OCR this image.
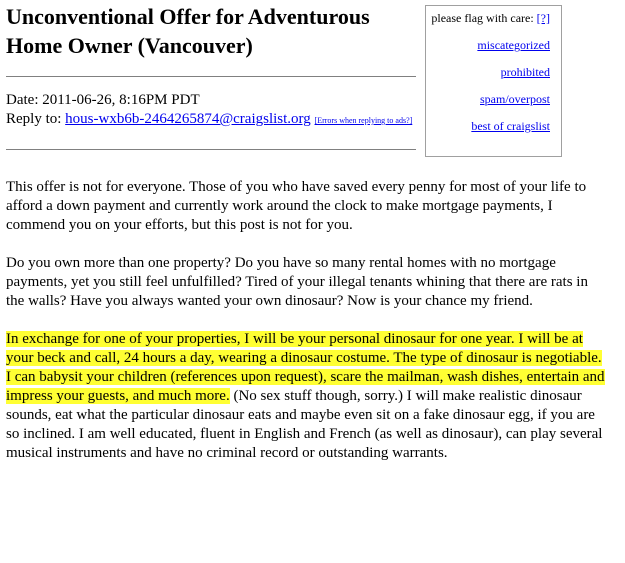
Unconventional Offer for Adventurous Home Owner (Vancouver)
Date: 2011-06-26, 8:16PM PDT
Reply to: hous-wxb6b-2464265874@craigslist.org [Errors when replying to ads?]
please flag with care: [?]
miscategorized
prohibited
spam/overpost
best of craigslist

This offer is not for everyone. Those of you who have saved every penny for most of your life to afford a down payment and currently work around the clock to make mortgage payments, I commend you on your efforts, but this post is not for you.

Do you own more than one property? Do you have so many rental homes with no mortgage payments, yet you still feel unfulfilled? Tired of your illegal tenants whining that there are rats in the walls? Have you always wanted your own dinosaur? Now is your chance my friend.

In exchange for one of your properties, I will be your personal dinosaur for one year. I will be at your beck and call, 24 hours a day, wearing a dinosaur costume. The type of dinosaur is negotiable. I can babysit your children (references upon request), scare the mailman, wash dishes, entertain and impress your guests, and much more. (No sex stuff though, sorry.) I will make realistic dinosaur sounds, eat what the particular dinosaur eats and maybe even sit on a fake dinosaur egg, if you are so inclined. I am well educated, fluent in English and French (as well as dinosaur), can play several musical instruments and have no criminal record or outstanding warrants.
